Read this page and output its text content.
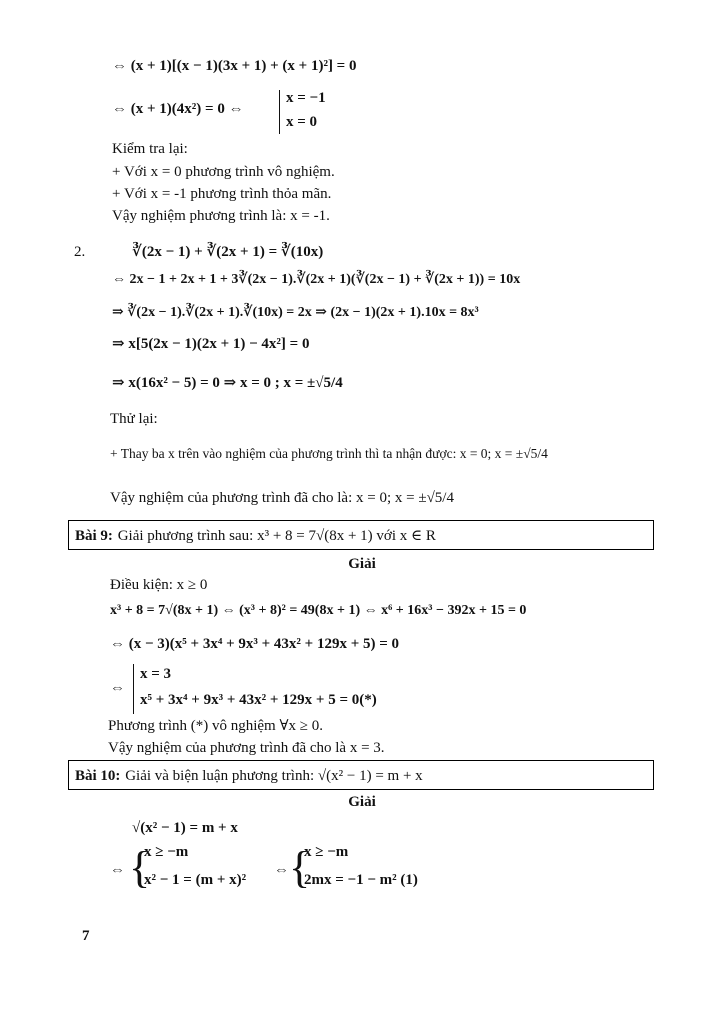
⇔ (x + 1)[(x − 1)(3x + 1) + (x + 1)²] = 0
⇔ (x + 1)(4x²) = 0 ⇔
x = −1
x = 0
Kiểm tra lại:
+ Với x = 0 phương trình vô nghiệm.
+ Với x = -1 phương trình thỏa mãn.
Vậy nghiệm phương trình là: x = -1.
2.	∛(2x − 1) + ∛(2x + 1) = ∛(10x)
⇔ 2x − 1 + 2x + 1 + 3∛(2x − 1).∛(2x + 1)(∛(2x − 1) + ∛(2x + 1)) = 10x
⇒ ∛(2x − 1).∛(2x + 1).∛(10x) = 2x ⇒ (2x − 1)(2x + 1).10x = 8x³
⇒ x[5(2x − 1)(2x + 1) − 4x²] = 0
⇒ x(16x² − 5) = 0 ⇒ x = 0 ; x = ±√5/4
Thử lại:
+ Thay ba x trên vào nghiệm của phương trình thì ta nhận được: x = 0; x = ±√5/4
Vậy nghiệm của phương trình đã cho là: x = 0; x = ±√5/4
Bài 9: Giải phương trình sau: x³ + 8 = 7√(8x + 1) với x ∈ R
Giải
Điều kiện: x ≥ 0
x³ + 8 = 7√(8x + 1) ⇔ (x³ + 8)² = 49(8x + 1) ⇔ x⁶ + 16x³ − 392x + 15 = 0
⇔ (x − 3)(x⁵ + 3x⁴ + 9x³ + 43x² + 129x + 5) = 0
⇔
x = 3
x⁵ + 3x⁴ + 9x³ + 43x² + 129x + 5 = 0(*)
Phương trình (*) vô nghiệm ∀x ≥ 0.
Vậy nghiệm của phương trình đã cho là x = 3.
Bài 10: Giải và biện luận phương trình: √(x² − 1) = m + x
Giải
√(x² − 1) = m + x
⇔ {
x ≥ −m
x² − 1 = (m + x)²
⇔ {
x ≥ −m
2mx = −1 − m² (1)
7
